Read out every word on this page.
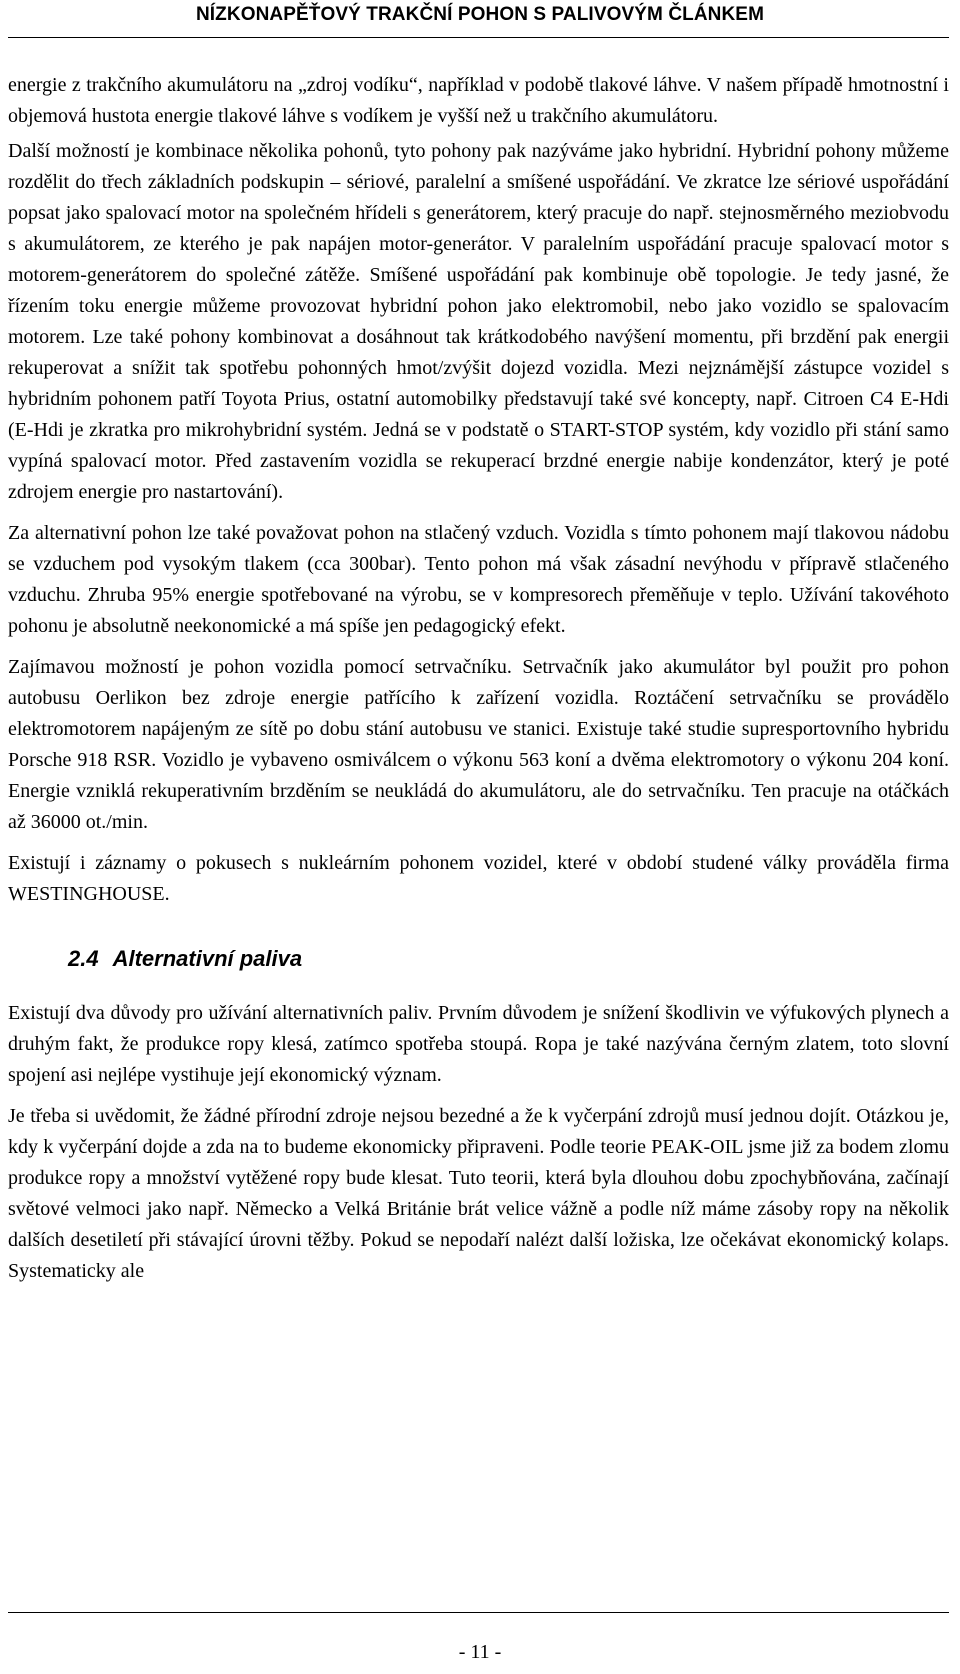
NÍZKONAPĚŤOVÝ TRAKČNÍ POHON S PALIVOVÝM ČLÁNKEM

energie z trakčního akumulátoru na „zdroj vodíku“, například v podobě tlakové láhve. V našem případě hmotnostní i objemová hustota energie tlakové láhve s vodíkem je vyšší než u trakčního akumulátoru.

Další možností je kombinace několika pohonů, tyto pohony pak nazýváme jako hybridní. Hybridní pohony můžeme rozdělit do třech základních podskupin – sériové, paralelní a smíšené uspořádání. Ve zkratce lze sériové uspořádání popsat jako spalovací motor na společném hřídeli s generátorem, který pracuje do např. stejnosměrného meziobvodu s akumulátorem, ze kterého je pak napájen motor-generátor. V paralelním uspořádání pracuje spalovací motor s motorem-generátorem do společné zátěže. Smíšené uspořádání pak kombinuje obě topologie. Je tedy jasné, že řízením toku energie můžeme provozovat hybridní pohon jako elektromobil, nebo jako vozidlo se spalovacím motorem. Lze také pohony kombinovat a dosáhnout tak krátkodobého navýšení momentu, při brzdění pak energii rekuperovat a snížit tak spotřebu pohonných hmot/zvýšit dojezd vozidla. Mezi nejznámější zástupce vozidel s hybridním pohonem patří Toyota Prius, ostatní automobilky představují také své koncepty, např. Citroen C4 E-Hdi (E-Hdi je zkratka pro mikrohybridní systém. Jedná se v podstatě o START-STOP systém, kdy vozidlo při stání samo vypíná spalovací motor. Před zastavením vozidla se rekuperací brzdné energie nabije kondenzátor, který je poté zdrojem energie pro nastartování).

Za alternativní pohon lze také považovat pohon na stlačený vzduch. Vozidla s tímto pohonem mají tlakovou nádobu se vzduchem pod vysokým tlakem (cca 300bar). Tento pohon má však zásadní nevýhodu v přípravě stlačeného vzduchu. Zhruba 95% energie spotřebované na výrobu, se v kompresorech přeměňuje v teplo. Užívání takovéhoto pohonu je absolutně neekonomické a má spíše jen pedagogický efekt.

Zajímavou možností je pohon vozidla pomocí setrvačníku. Setrvačník jako akumulátor byl použit pro pohon autobusu Oerlikon bez zdroje energie patřícího k zařízení vozidla. Roztáčení setrvačníku se provádělo elektromotorem napájeným ze sítě po dobu stání autobusu ve stanici. Existuje také studie supresportovního hybridu Porsche 918 RSR. Vozidlo je vybaveno osmiválcem o výkonu 563 koní a dvěma elektromotory o výkonu 204 koní. Energie vzniklá rekuperativním brzděním se neukládá do akumulátoru, ale do setrvačníku. Ten pracuje na otáčkách až 36000 ot./min.

Existují i záznamy o pokusech s nukleárním pohonem vozidel, které v období studené války prováděla firma WESTINGHOUSE.

2.4 Alternativní paliva

Existují dva důvody pro užívání alternativních paliv. Prvním důvodem je snížení škodlivin ve výfukových plynech a druhým fakt, že produkce ropy klesá, zatímco spotřeba stoupá. Ropa je také nazývána černým zlatem, toto slovní spojení asi nejlépe vystihuje její ekonomický význam.

Je třeba si uvědomit, že žádné přírodní zdroje nejsou bezedné a že k vyčerpání zdrojů musí jednou dojít. Otázkou je, kdy k vyčerpání dojde a zda na to budeme ekonomicky připraveni. Podle teorie PEAK-OIL jsme již za bodem zlomu produkce ropy a množství vytěžené ropy bude klesat. Tuto teorii, která byla dlouhou dobu zpochybňována, začínají světové velmoci jako např. Německo a Velká Británie brát velice vážně a podle níž máme zásoby ropy na několik dalších desetiletí při stávající úrovni těžby. Pokud se nepodaří nalézt další ložiska, lze očekávat ekonomický kolaps. Systematicky ale

- 11 -
